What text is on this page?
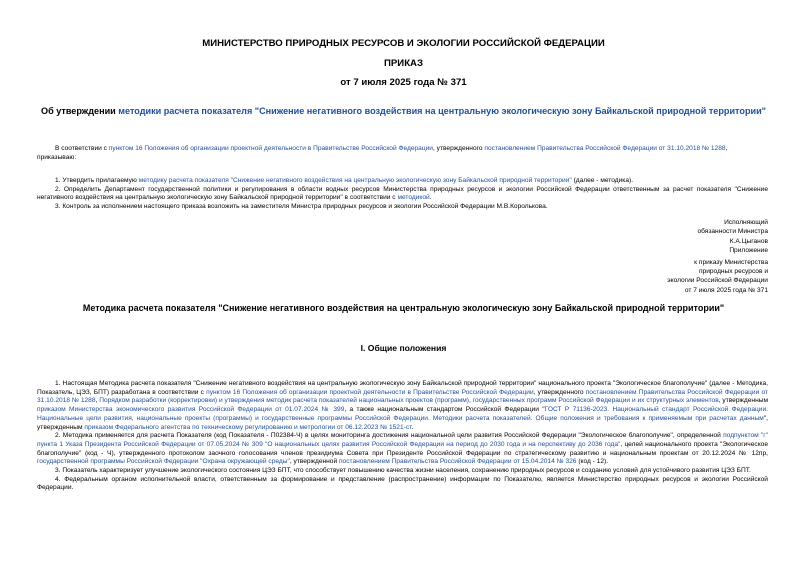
МИНИСТЕРСТВО ПРИРОДНЫХ РЕСУРСОВ И ЭКОЛОГИИ РОССИЙСКОЙ ФЕДЕРАЦИИ
ПРИКАЗ
от 7 июля 2025 года № 371
Об утверждении методики расчета показателя "Снижение негативного воздействия на центральную экологическую зону Байкальской природной территории"

В соответствии с пунктом 16 Положения об организации проектной деятельности в Правительстве Российской Федерации, утвержденного постановлением Правительства Российской Федерации от 31.10.2018 № 1288,

приказываю:

1. Утвердить прилагаемую методику расчета показателя "Снижение негативного воздействия на центральную экологическую зону Байкальской природной территории" (далее - методика).

2. Определить Департамент государственной политики и регулирования в области водных ресурсов Министерства природных ресурсов и экологии Российской Федерации ответственным за расчет показателя "Снижение негативного воздействия на центральную экологическую зону Байкальской природной территории" в соответствии с методикой.

3. Контроль за исполнением настоящего приказа возложить на заместителя Министра природных ресурсов и экологии Российской Федерации М.В.Королькова.

Исполняющий
обязанности Министра
К.А.Цыганов
Приложение
к приказу Министерства
природных ресурсов и
экологии Российской Федерации
от 7 июля 2025 года № 371
Методика расчета показателя "Снижение негативного воздействия на центральную экологическую зону Байкальской природной территории"
I. Общие положения

1. Настоящая Методика расчета показателя "Снижение негативного воздействия на центральную экологическую зону Байкальской природной территории" национального проекта "Экологическое благополучие" (далее - Методика, Показатель, ЦЭЗ, БПТ) разработана в соответствии с пунктом 16 Положения об организации проектной деятельности в Правительстве Российской Федерации, утвержденного постановлением Правительства Российской Федерации от 31.10.2018 № 1288, Порядком разработки (корректировки) и утверждения методик расчета показателей национальных проектов (программ), государственных программ Российской Федерации и их структурных элементов, утвержденным приказом Министерства экономического развития Российской Федерации от 01.07.2024 № 399, а также национальным стандартом Российской Федерации "ГОСТ Р 71136-2023. Национальный стандарт Российской Федерации. Национальные цели развития, национальные проекты (программы) и государственные программы Российской Федерации. Методики расчета показателей. Общие положения и требования к применяемым при расчетах данным", утвержденным приказом Федерального агентства по техническому регулированию и метрологии от 06.12.2023 № 1521-ст.

2. Методика применяется для расчета Показателя (код Показателя - П02384-Ч) в целях мониторинга достижения национальной цели развития Российской Федерации "Экологическое благополучие", определенной подпунктом "г" пункта 1 Указа Президента Российской Федерации от 07.05.2024 № 309 "О национальных целях развития Российской Федерации на период до 2030 года и на перспективу до 2036 года", целей национального проекта "Экологическое благополучие" (код - Ч), утвержденного протоколом заочного голосования членов президиума Совета при Президенте Российской Федерации по стратегическому развитию и национальным проектам от 20.12.2024 № 12пр, государственной программы Российской Федерации "Охрана окружающей среды", утвержденной постановлением Правительства Российской Федерации от 15.04.2014 № 326 (код - 12).

3. Показатель характеризует улучшение экологического состояния ЦЭЗ БПТ, что способствует повышению качества жизни населения, сохранению природных ресурсов и созданию условий для устойчивого развития ЦЭЗ БПТ.

4. Федеральным органом исполнительной власти, ответственным за формирование и представление (распространение) информации по Показателю, является Министерство природных ресурсов и экологии Российской Федерации.
